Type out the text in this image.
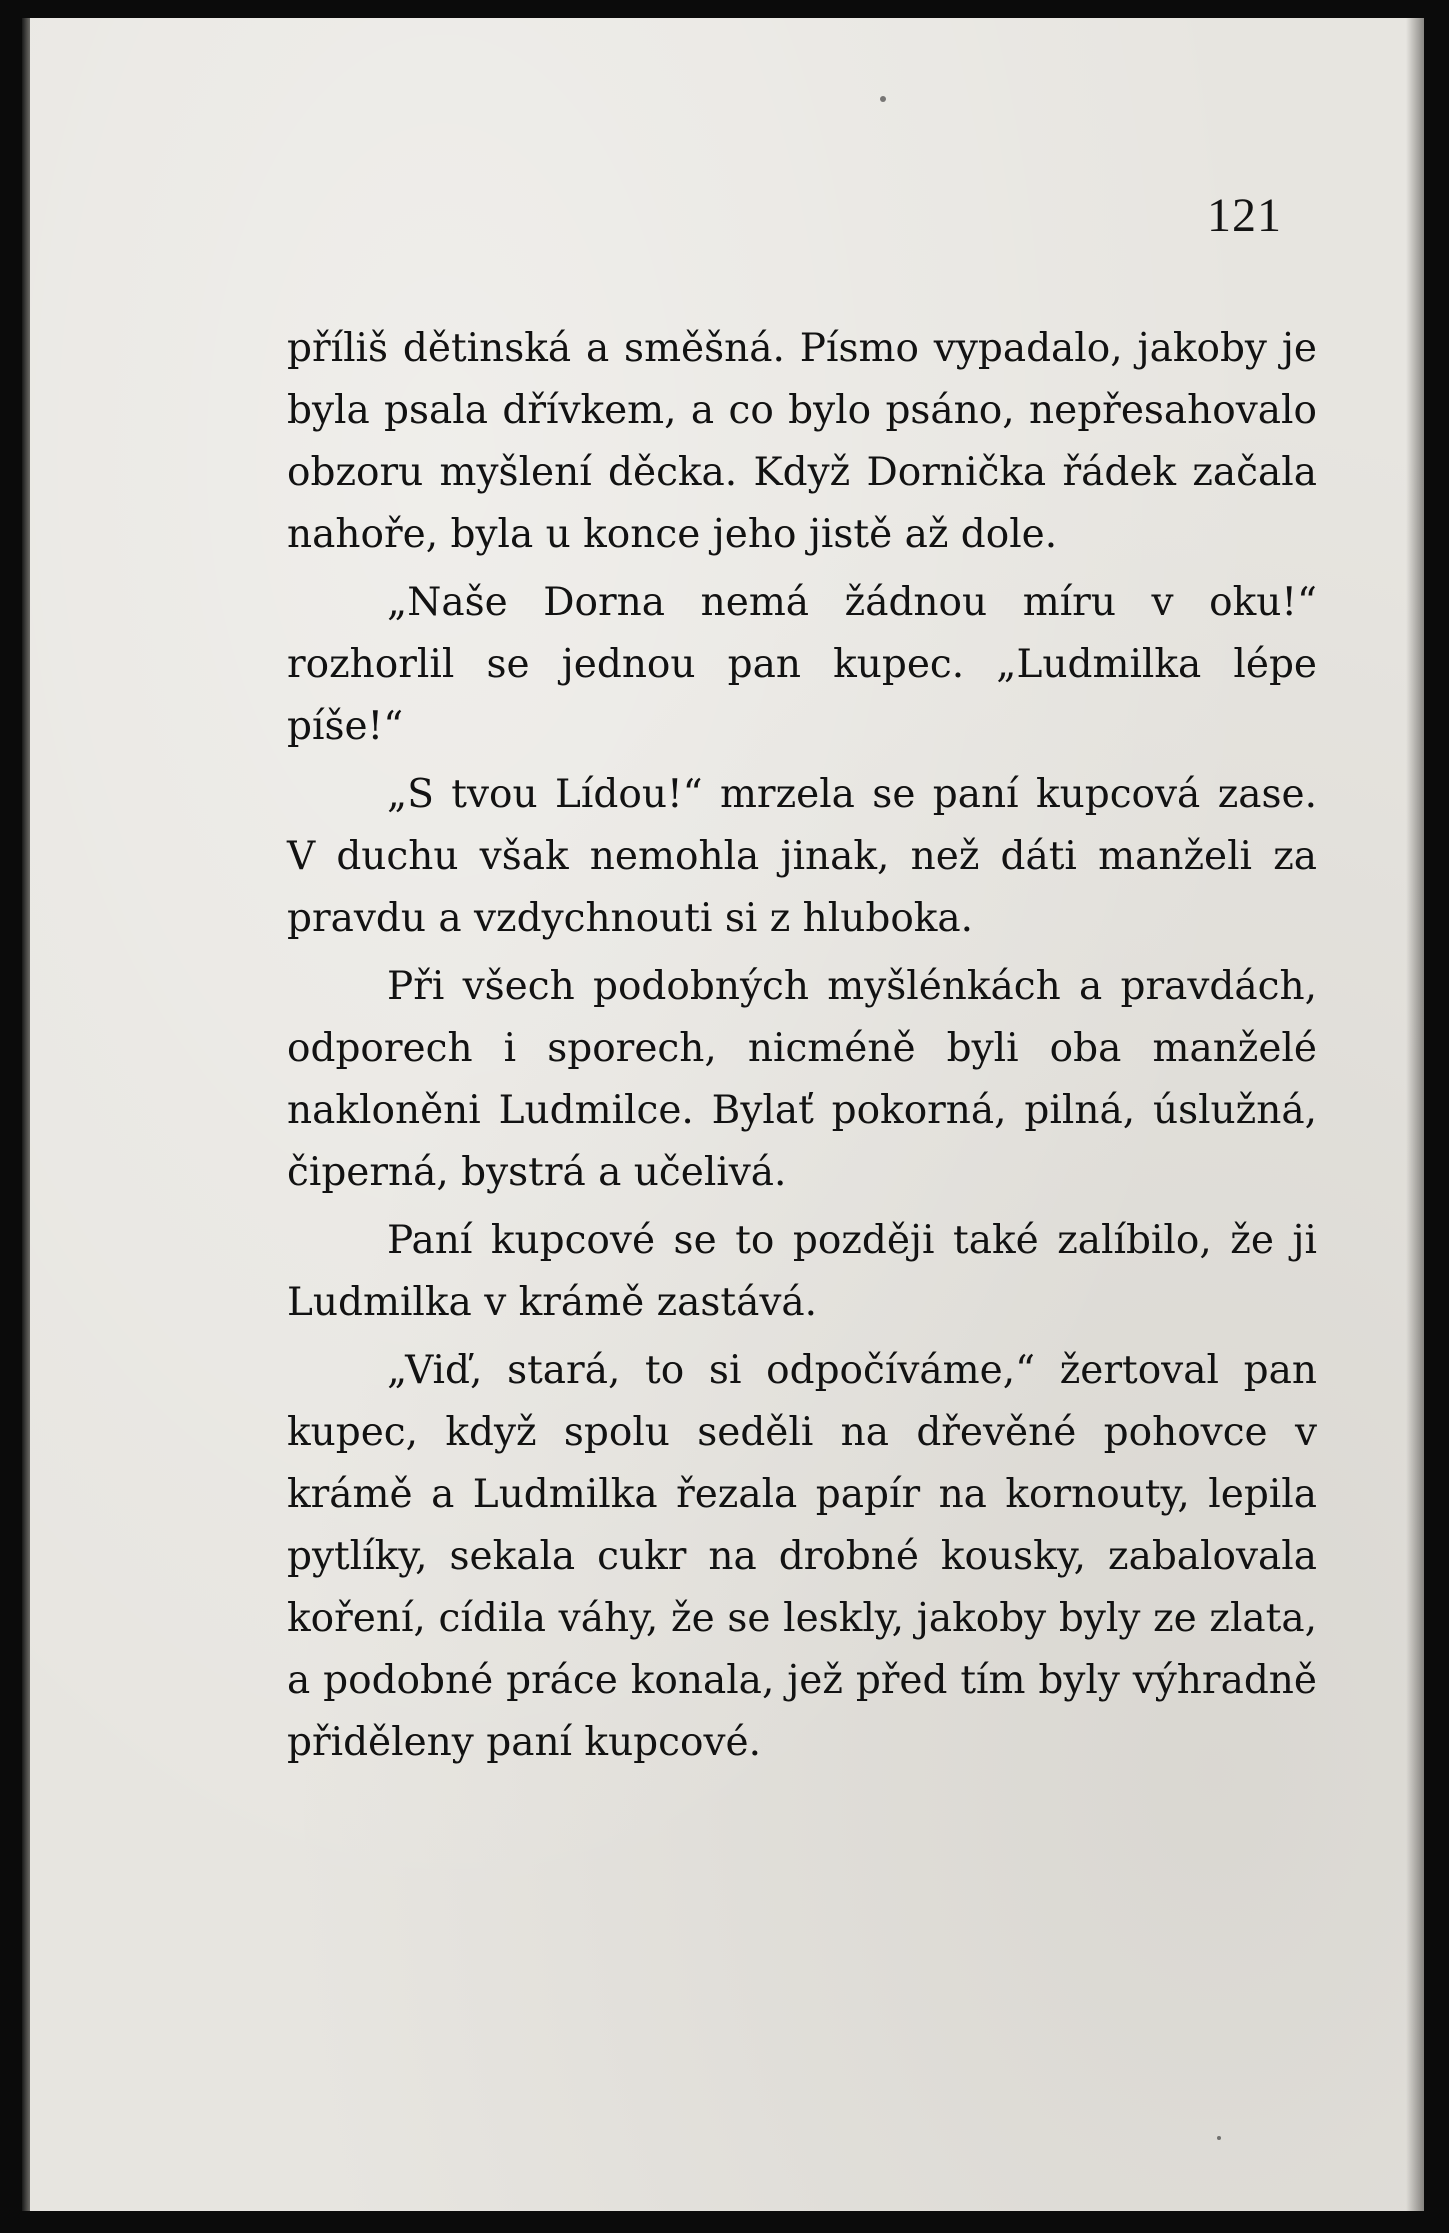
121

příliš dětinská a směšná. Písmo vypadalo, jakoby je byla psala dřívkem, a co bylo psáno, nepřesahovalo obzoru myšlení děcka. Když Dornička řádek začala nahoře, byla u konce jeho jistě až dole.

„Naše Dorna nemá žádnou míru v oku!“ rozhorlil se jednou pan kupec. „Ludmilka lépe píše!“

„S tvou Lídou!“ mrzela se paní kupcová zase. V duchu však nemohla jinak, než dáti manželi za pravdu a vzdychnouti si z hluboka.

Při všech podobných myšlénkách a pravdách, odporech i sporech, nicméně byli oba manželé nakloněni Ludmilce. Bylať pokorná, pilná, úslužná, čiperná, bystrá a učelivá.

Paní kupcové se to později také zalíbilo, že ji Ludmilka v krámě zastává.

„Viď, stará, to si odpočíváme,“ žertoval pan kupec, když spolu seděli na dřevěné pohovce v krámě a Ludmilka řezala papír na kornouty, lepila pytlíky, sekala cukr na drobné kousky, zabalovala koření, cídila váhy, že se leskly, jakoby byly ze zlata, a podobné práce konala, jež před tím byly výhradně přiděleny paní kupcové.
